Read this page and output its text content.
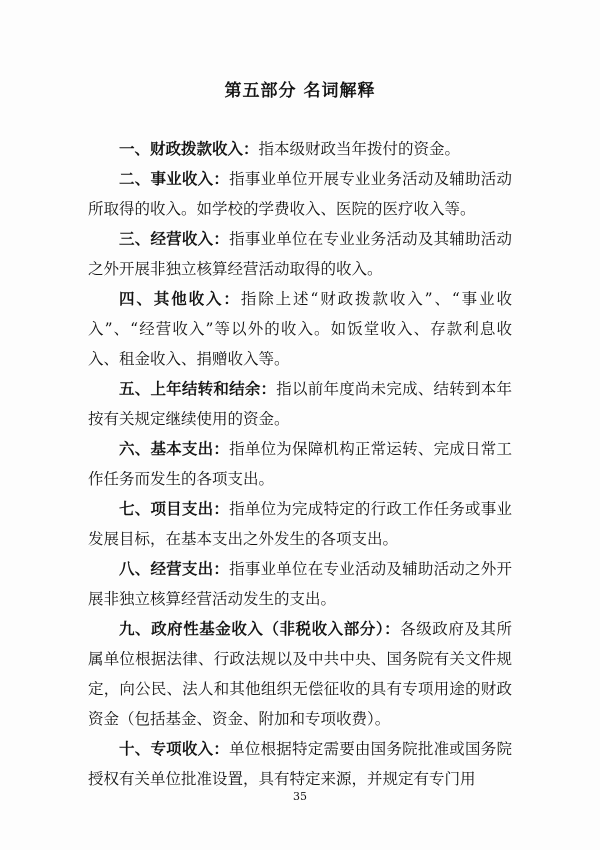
第五部分 名词解释

一、财政拨款收入：指本级财政当年拨付的资金。

二、事业收入：指事业单位开展专业业务活动及辅助活动所取得的收入。如学校的学费收入、医院的医疗收入等。

三、经营收入：指事业单位在专业业务活动及其辅助活动之外开展非独立核算经营活动取得的收入。

四、其他收入：指除上述“财政拨款收入”、“事业收入”、“经营收入”等以外的收入。如饭堂收入、存款利息收入、租金收入、捐赠收入等。

五、上年结转和结余：指以前年度尚未完成、结转到本年按有关规定继续使用的资金。

六、基本支出：指单位为保障机构正常运转、完成日常工作任务而发生的各项支出。

七、项目支出：指单位为完成特定的行政工作任务或事业发展目标，在基本支出之外发生的各项支出。

八、经营支出：指事业单位在专业活动及辅助活动之外开展非独立核算经营活动发生的支出。

九、政府性基金收入（非税收入部分）：各级政府及其所属单位根据法律、行政法规以及中共中央、国务院有关文件规定，向公民、法人和其他组织无偿征收的具有专项用途的财政资金（包括基金、资金、附加和专项收费）。

十、专项收入：单位根据特定需要由国务院批准或国务院授权有关单位批准设置，具有特定来源，并规定有专门用

35
